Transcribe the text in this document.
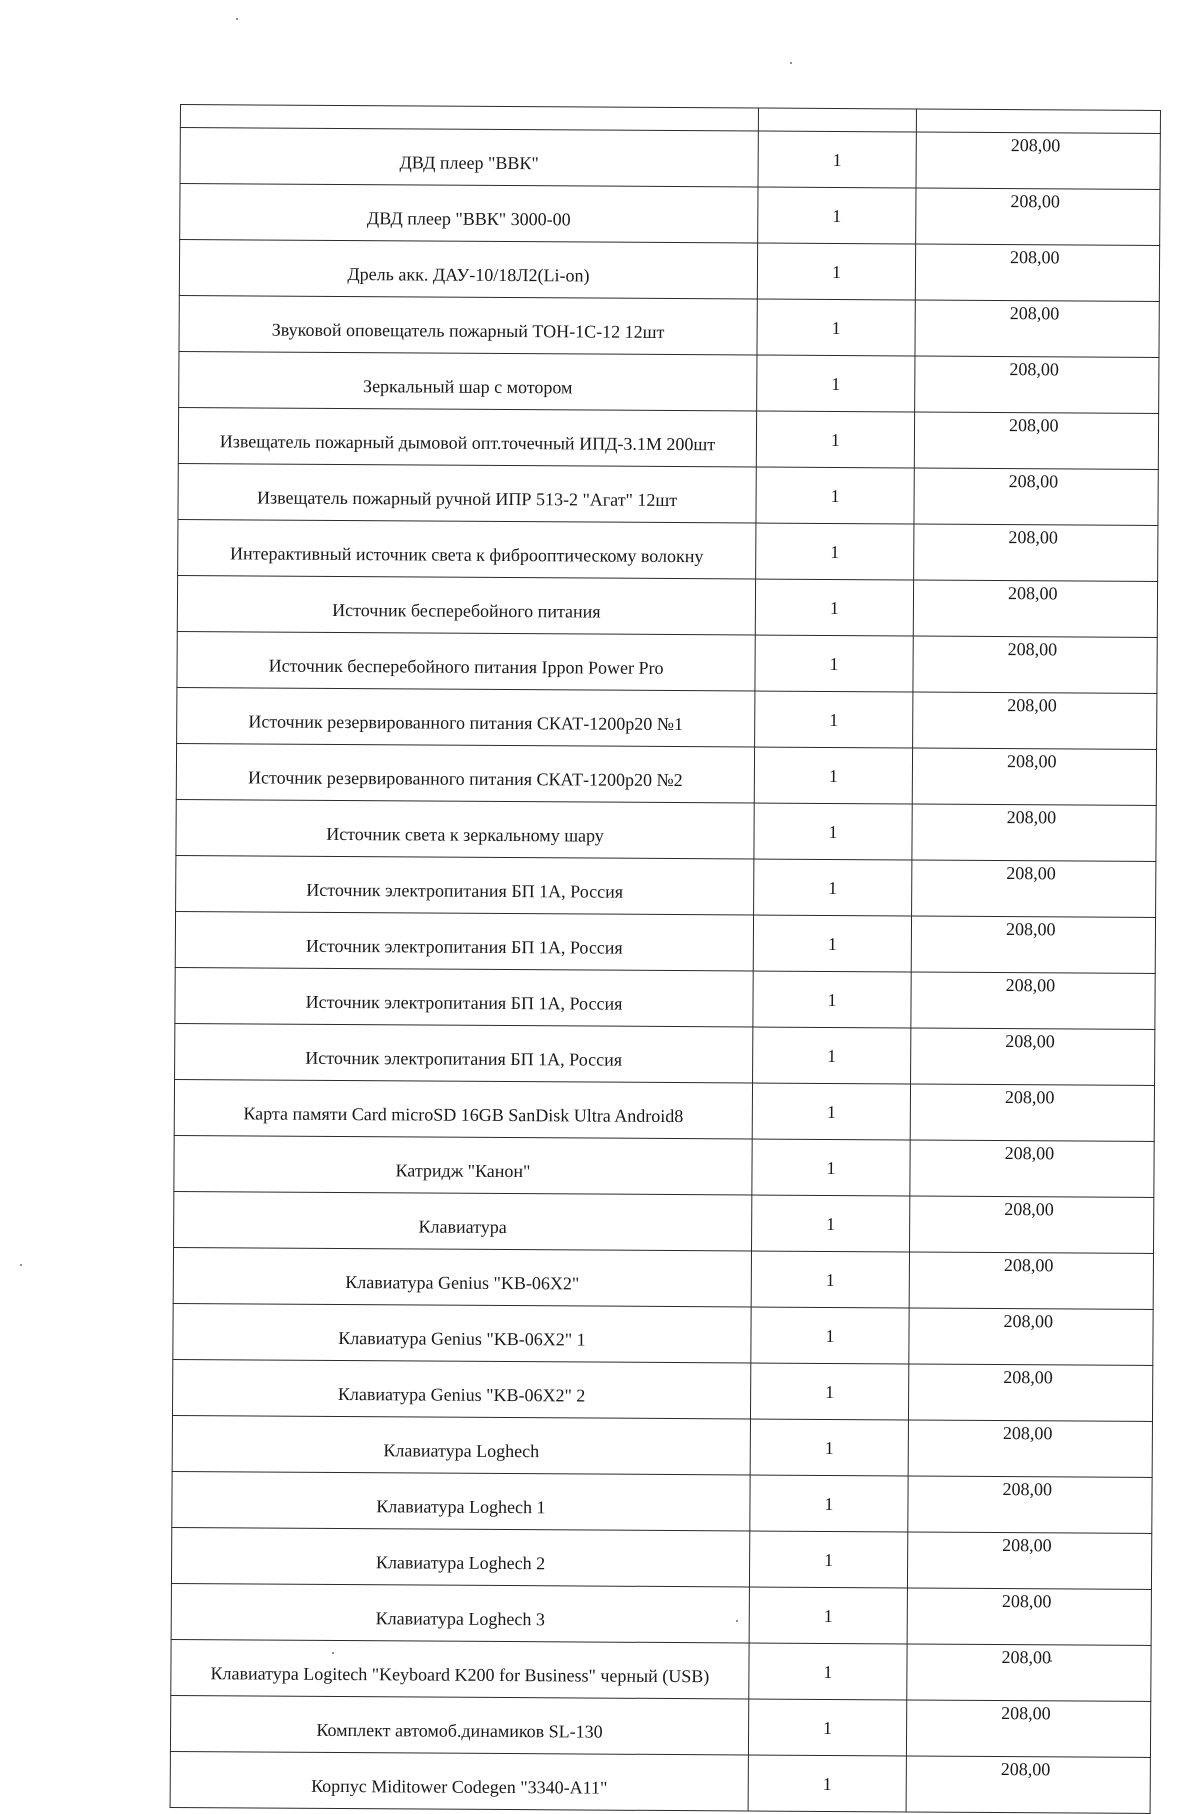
ДВД плеер "ВВК"	1	208,00

ДВД плеер "ВВК" 3000-00	1	208,00

Дрель акк. ДАУ-10/18Л2(Li-on)	1	208,00

Звуковой оповещатель пожарный ТОН-1С-12 12шт	1	208,00

Зеркальный шар с мотором	1	208,00

Извещатель пожарный дымовой опт.точечный ИПД-3.1М 200шт	1	208,00

Извещатель пожарный ручной ИПР 513-2 "Агат" 12шт	1	208,00

Интерактивный источник света к фиброоптическому волокну	1	208,00

Источник бесперебойного питания	1	208,00

Источник бесперебойного питания Ippon Power Pro	1	208,00

Источник резервированного питания СКАТ-1200р20 №1	1	208,00

Источник резервированного питания СКАТ-1200р20 №2	1	208,00

Источник света к зеркальному шару	1	208,00

Источник электропитания БП 1А, Россия	1	208,00

Источник электропитания БП 1А, Россия	1	208,00

Источник электропитания БП 1А, Россия	1	208,00

Источник электропитания БП 1А, Россия	1	208,00

Карта памяти Card microSD 16GB SanDisk Ultra Android8	1	208,00

Катридж "Канон"	1	208,00

Клавиатура	1	208,00

Клавиатура Genius "KB-06X2"	1	208,00

Клавиатура Genius "KB-06X2" 1	1	208,00

Клавиатура Genius "KB-06X2" 2	1	208,00

Клавиатура Loghech	1	208,00

Клавиатура Loghech 1	1	208,00

Клавиатура Loghech 2	1	208,00

Клавиатура Loghech 3	1	208,00

Клавиатура Logitech "Keyboard K200 for Business" черный (USB)	1	208,00

Комплект автомоб.динамиков SL-130	1	208,00

Корпус Miditower Codegen "3340-A11"	1	208,00
